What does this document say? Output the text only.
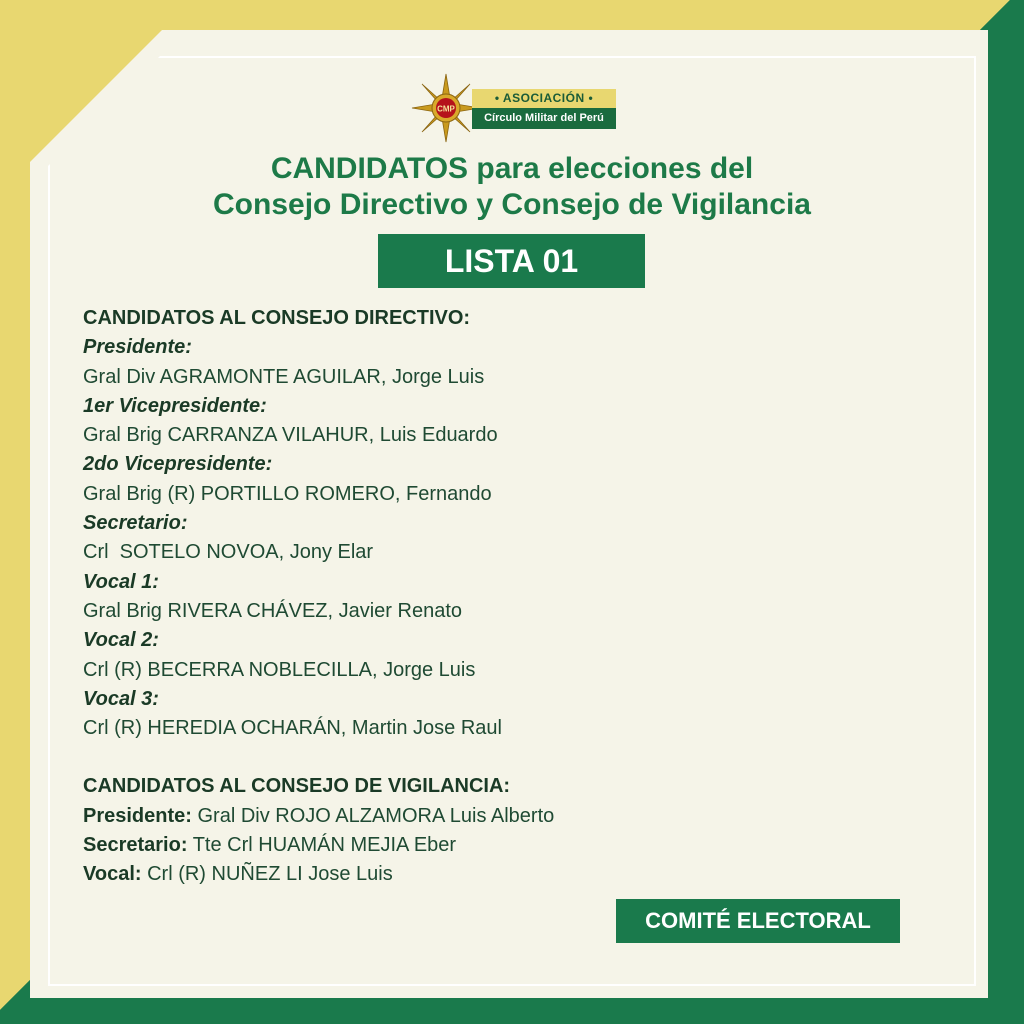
CMP
• ASOCIACIÓN •
Círculo Militar del Perú
CANDIDATOS para elecciones del
Consejo Directivo y Consejo de Vigilancia
LISTA 01
CANDIDATOS AL CONSEJO DIRECTIVO:
Presidente:
Gral Div AGRAMONTE AGUILAR, Jorge Luis
1er Vicepresidente:
Gral Brig CARRANZA VILAHUR, Luis Eduardo
2do Vicepresidente:
Gral Brig (R) PORTILLO ROMERO, Fernando
Secretario:
Crl  SOTELO NOVOA, Jony Elar
Vocal 1:
Gral Brig RIVERA CHÁVEZ, Javier Renato
Vocal 2:
Crl (R) BECERRA NOBLECILLA, Jorge Luis
Vocal 3:
Crl (R) HEREDIA OCHARÁN, Martin Jose Raul
CANDIDATOS AL CONSEJO DE VIGILANCIA:
Presidente: Gral Div ROJO ALZAMORA Luis Alberto
Secretario: Tte Crl HUAMÁN MEJIA Eber
Vocal: Crl (R) NUÑEZ LI Jose Luis
COMITÉ ELECTORAL
